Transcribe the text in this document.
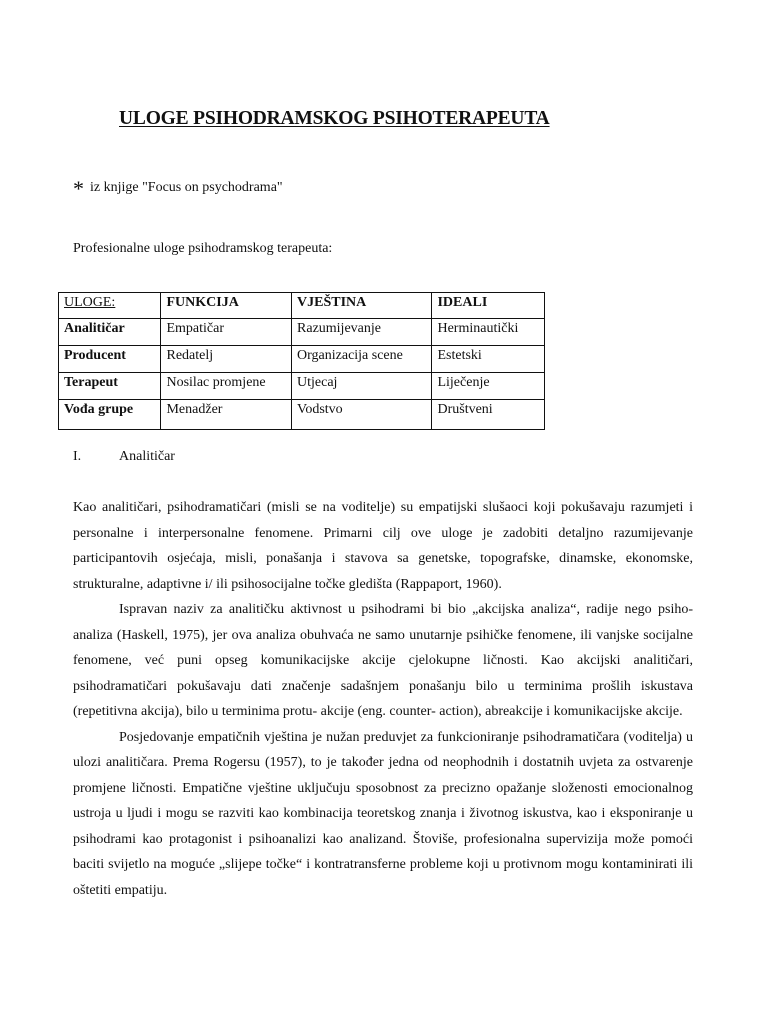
ULOGE PSIHODRAMSKOG PSIHOTERAPEUTA
* iz knjige "Focus on psychodrama"
Profesionalne uloge psihodramskog terapeuta:
ULOGE:	FUNKCIJA	VJEŠTINA	IDEALI
Analitičar	Empatičar	Razumijevanje	Herminautički
Producent	Redatelj	Organizacija scene	Estetski
Terapeut	Nosilac promjene	Utjecaj	Liječenje
Vođa grupe	Menadžer	Vodstvo	Društveni
I.	Analitičar

Kao analitičari, psihodramatičari (misli se na voditelje) su empatijski slušaoci koji pokušavaju razumjeti i personalne i interpersonalne fenomene. Primarni cilj ove uloge je zadobiti detaljno razumijevanje participantovih osjećaja, misli, ponašanja i stavova sa genetske, topografske, dinamske, ekonomske, strukturalne, adaptivne i/ ili psihosocijalne točke gledišta (Rappaport, 1960).

Ispravan naziv za analitičku aktivnost u psihodrami bi bio „akcijska analiza“, radije nego psiho- analiza (Haskell, 1975), jer ova analiza obuhvaća ne samo unutarnje psihičke fenomene, ili vanjske socijalne fenomene, već puni opseg komunikacijske akcije cjelokupne ličnosti. Kao akcijski analitičari, psihodramatičari pokušavaju dati značenje sadašnjem ponašanju bilo u terminima prošlih iskustava (repetitivna akcija), bilo u terminima protu- akcije (eng. counter- action), abreakcije i komunikacijske akcije.

Posjedovanje empatičnih vještina je nužan preduvjet za funkcioniranje psihodramatičara (voditelja) u ulozi analitičara. Prema Rogersu (1957), to je također jedna od neophodnih i dostatnih uvjeta za ostvarenje promjene ličnosti. Empatične vještine uključuju sposobnost za precizno opažanje složenosti emocionalnog ustroja u ljudi i mogu se razviti kao kombinacija teoretskog znanja i životnog iskustva, kao i eksponiranje u psihodrami kao protagonist i psihoanalizi kao analizand. Štoviše, profesionalna supervizija može pomoći baciti svijetlo na moguće „slijepe točke“ i kontratransferne probleme koji u protivnom mogu kontaminirati ili oštetiti empatiju.
